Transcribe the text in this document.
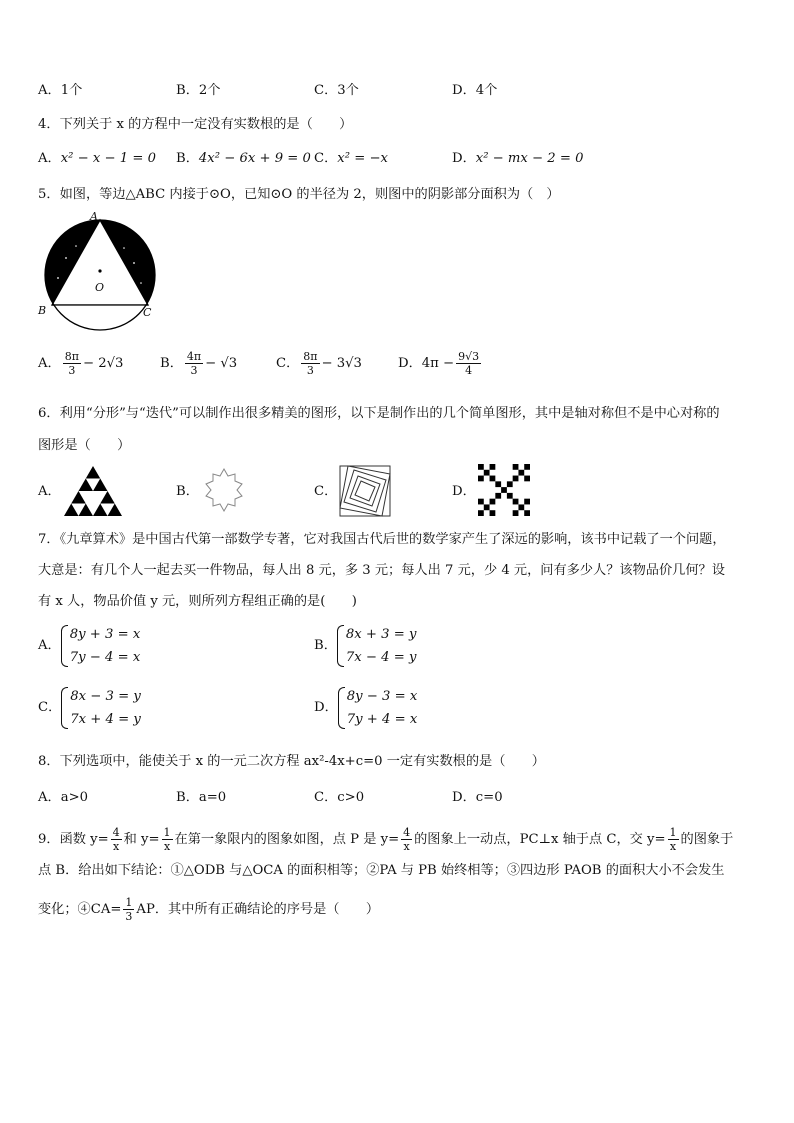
A．1个	B．2个	C．3个	D．4个
4．下列关于 x 的方程中一定没有实数根的是（　　）
A．x² − x − 1 = 0 B．4x² − 6x + 9 = 0 C．x² = −x	D．x² − mx − 2 = 0
5．如图，等边△ABC 内接于⊙O，已知⊙O 的半径为 2，则图中的阴影部分面积为（　）
A
O
B	C
A． $\frac{8\pi}{3} - 2√3$	B． $\frac{4\pi}{3} - √3$	C． $\frac{8\pi}{3} - 3√3$	D．$4\pi - \frac{9√3}{4}$
6．利用“分形”与“迭代”可以制作出很多精美的图形，以下是制作出的几个简单图形，其中是轴对称但不是中心对称的
图形是（　　）
A．	B．	C．	D．
7．《九章算术》是中国古代第一部数学专著，它对我国古代后世的数学家产生了深远的影响，该书中记载了一个问题，
大意是：有几个人一起去买一件物品，每人出 8 元，多 3 元；每人出 7 元，少 4 元，问有多少人？该物品价几何？设
有 x 人，物品价值 y 元，则所列方程组正确的是(　　)
A．
8y + 3 = x
7y − 4 = x
B．
8x + 3 = y
7x − 4 = y
C．
8x − 3 = y
7x + 4 = y
D．
8y − 3 = x
7y + 4 = x
8．下列选项中，能使关于 x 的一元二次方程 ax²-4x+c=0 一定有实数根的是（　　）
A．a>0	B．a=0	C．c>0	D．c=0
9．函数 $y= \frac{4}{x}$ 和 $y= \frac{1}{x}$ 在第一象限内的图象如图，点 P 是 $y= \frac{4}{x}$ 的图象上一动点，PC⊥x 轴于点 C，交 $y= \frac{1}{x}$ 的图象于
点 B．给出如下结论：①△ODB 与△OCA 的面积相等；②PA 与 PB 始终相等；③四边形 PAOB 的面积大小不会发生
变化；④CA= $\frac{1}{3}$ AP．其中所有正确结论的序号是（　　）
